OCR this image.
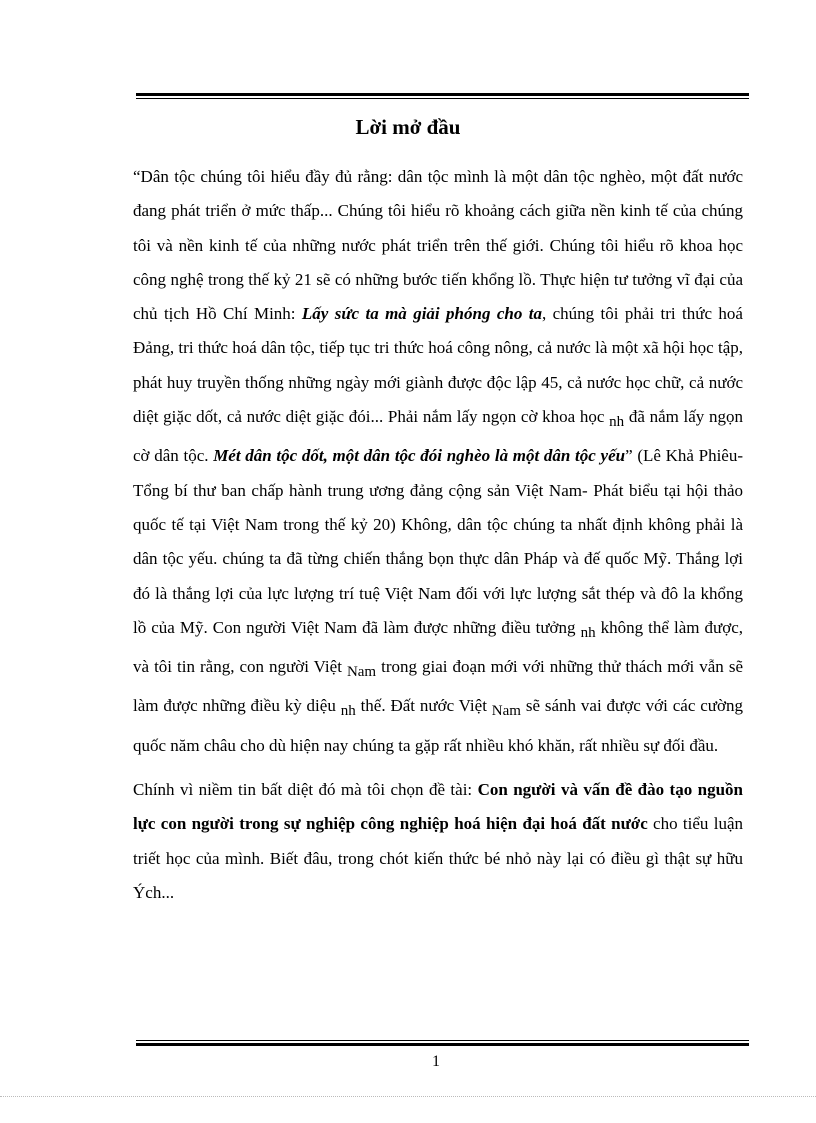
Lời mở đầu

“Dân tộc chúng tôi hiểu đầy đủ rằng: dân tộc mình là một dân tộc nghèo, một đất nước đang phát triển ở mức thấp... Chúng tôi hiểu rõ khoảng cách giữa nền kinh tế của chúng tôi và nền kinh tế của những nước phát triển trên thế giới. Chúng tôi hiểu rõ khoa học công nghệ trong thế kỷ 21 sẽ có những bước tiến khổng lồ. Thực hiện tư tưởng vĩ đại của chủ tịch Hồ Chí Minh: Lấy sức ta mà giải phóng cho ta, chúng tôi phải tri thức hoá Đảng, tri thức hoá dân tộc, tiếp tục tri thức hoá công nông, cả nước là một xã hội học tập, phát huy truyền thống những ngày mới giành được độc lập 45, cả nước học chữ, cả nước diệt giặc dốt, cả nước diệt giặc đói... Phải nắm lấy ngọn cờ khoa học nh đã nắm lấy ngọn cờ dân tộc. Mét dân tộc dốt, một dân tộc đói nghèo là một dân tộc yếu” (Lê Khả Phiêu- Tổng bí thư ban chấp hành trung ương đảng cộng sản Việt Nam- Phát biểu tại hội thảo quốc tế tại Việt Nam trong thế kỷ 20) Không, dân tộc chúng ta nhất định không phải là dân tộc yếu. chúng ta đã từng chiến thắng bọn thực dân Pháp và đế quốc Mỹ. Thắng lợi đó là thắng lợi của lực lượng trí tuệ Việt Nam đối với lực lượng sắt thép và đô la khổng lồ của Mỹ. Con người Việt Nam đã làm được những điều tưởng nh không thể làm được, và tôi tin rằng, con người Việt Nam trong giai đoạn mới với những thử thách mới vẫn sẽ làm được những điều kỳ diệu nh thế. Đất nước Việt Nam sẽ sánh vai được với các cường quốc năm châu cho dù hiện nay chúng ta gặp rất nhiều khó khăn, rất nhiều sự đối đầu.

Chính vì niềm tin bất diệt đó mà tôi chọn đề tài: Con người và vấn đề đào tạo nguồn lực con người trong sự nghiệp công nghiệp hoá hiện đại hoá đất nước cho tiểu luận triết học của mình. Biết đâu, trong chót kiến thức bé nhỏ này lại có điều gì thật sự hữu Ých...

1
